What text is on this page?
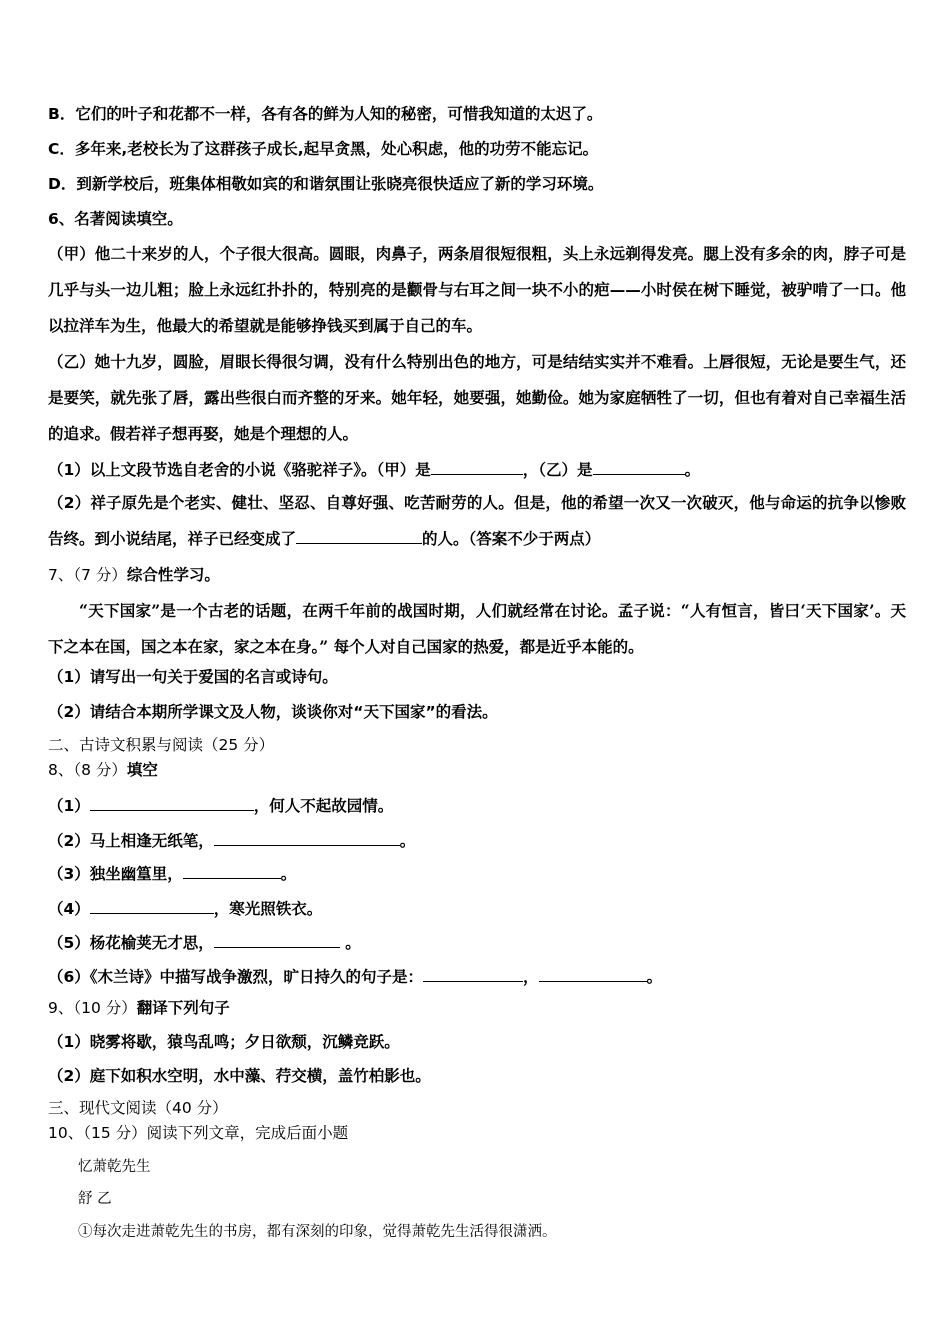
B．它们的叶子和花都不一样，各有各的鲜为人知的秘密，可惜我知道的太迟了。
C．多年来,老校长为了这群孩子成长,起早贪黑，处心积虑，他的功劳不能忘记。
D．到新学校后，班集体相敬如宾的和谐氛围让张晓亮很快适应了新的学习环境。
6、名著阅读填空。
（甲）他二十来岁的人，个子很大很高。圆眼，肉鼻子，两条眉很短很粗，头上永远剃得发亮。腮上没有多余的肉，脖子可是几乎与头一边儿粗；脸上永远红扑扑的，特别亮的是颧骨与右耳之间一块不小的疤——小时侯在树下睡觉，被驴啃了一口。他以拉洋车为生，他最大的希望就是能够挣钱买到属于自己的车。
（乙）她十九岁，圆脸，眉眼长得很匀调，没有什么特别出色的地方，可是结结实实并不难看。上唇很短，无论是要生气，还是要笑，就先张了唇，露出些很白而齐整的牙来。她年轻，她要强，她勤俭。她为家庭牺牲了一切，但也有着对自己幸福生活的追求。假若祥子想再娶，她是个理想的人。
（1）以上文段节选自老舍的小说《骆驼祥子》。（甲）是	，（乙）是	。
（2）祥子原先是个老实、健壮、坚忍、自尊好强、吃苦耐劳的人。但是，他的希望一次又一次破灭，他与命运的抗争以惨败告终。到小说结尾，祥子已经变成了	的人。（答案不少于两点）
7、（7 分）综合性学习。
“天下国家”是一个古老的话题，在两千年前的战国时期，人们就经常在讨论。孟子说：“人有恒言，皆曰‘天下国家’。天下之本在国，国之本在家，家之本在身。” 每个人对自己国家的热爱，都是近乎本能的。
（1）请写出一句关于爱国的名言或诗句。
（2）请结合本期所学课文及人物，谈谈你对“天下国家”的看法。
二、古诗文积累与阅读（25 分）
8、（8 分）填空
（1）	，何人不起故园情。
（2）马上相逢无纸笔，	。
（3）独坐幽篁里，	。
（4）	，寒光照铁衣。
（5）杨花榆荚无才思，	。
（6）《木兰诗》中描写战争激烈，旷日持久的句子是：	，	。
9、（10 分）翻译下列句子
（1）晓雾将歇，猿鸟乱鸣；夕日欲颓，沉鳞竞跃。
（2）庭下如积水空明，水中藻、荇交横，盖竹柏影也。
三、现代文阅读（40 分）
10、（15 分）阅读下列文章，完成后面小题
忆萧乾先生
舒 乙
①每次走进萧乾先生的书房，都有深刻的印象，觉得萧乾先生活得很潇洒。
